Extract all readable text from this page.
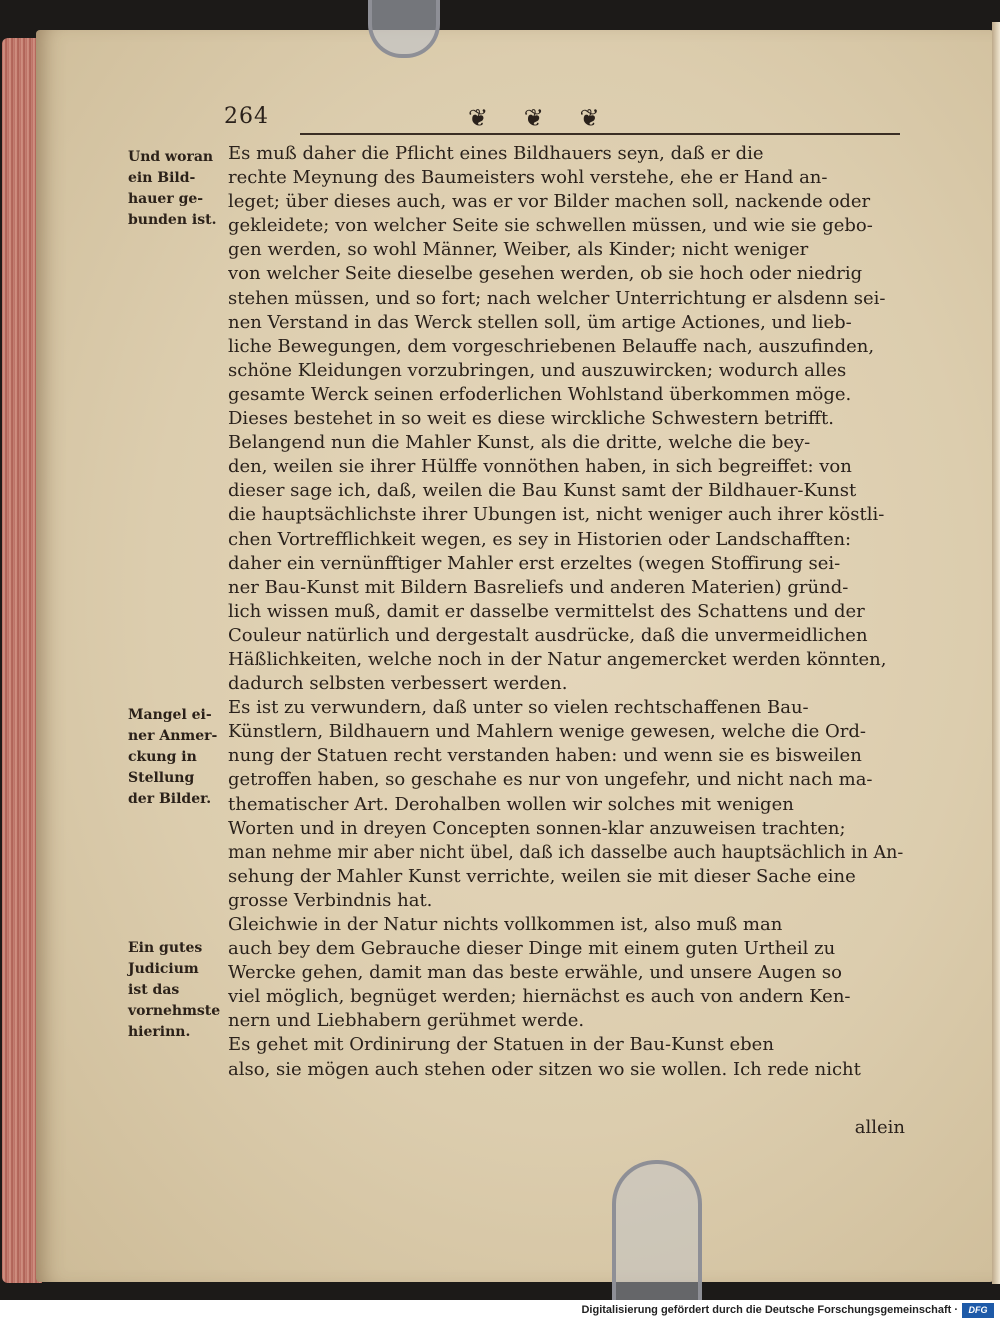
264	❦ ❦ ❦
Und woran
ein Bild-
hauer ge-
bunden ist.
Mangel ei-
ner Anmer-
ckung in
Stellung
der Bilder.
Ein gutes
Judicium
ist das
vornehmste
hierinn.
Es muß daher die Pflicht eines Bildhauers seyn, daß er die
rechte Meynung des Baumeisters wohl verstehe, ehe er Hand an-
leget; über dieses auch, was er vor Bilder machen soll, nackende oder
gekleidete; von welcher Seite sie schwellen müssen, und wie sie gebo-
gen werden, so wohl Männer, Weiber, als Kinder; nicht weniger
von welcher Seite dieselbe gesehen werden, ob sie hoch oder niedrig
stehen müssen, und so fort; nach welcher Unterrichtung er alsdenn sei-
nen Verstand in das Werck stellen soll, üm artige Actiones, und lieb-
liche Bewegungen, dem vorgeschriebenen Belauffe nach, auszufinden,
schöne Kleidungen vorzubringen, und auszuwircken; wodurch alles
gesamte Werck seinen erfoderlichen Wohlstand überkommen möge.
Dieses bestehet in so weit es diese wirckliche Schwestern betrifft.
Belangend nun die Mahler Kunst, als die dritte, welche die bey-
den, weilen sie ihrer Hülffe vonnöthen haben, in sich begreiffet: von
dieser sage ich, daß, weilen die Bau Kunst samt der Bildhauer-Kunst
die hauptsächlichste ihrer Ubungen ist, nicht weniger auch ihrer köstli-
chen Vortrefflichkeit wegen, es sey in Historien oder Landschafften:
daher ein vernünfftiger Mahler erst erzeltes (wegen Stoffirung sei-
ner Bau-Kunst mit Bildern Basreliefs und anderen Materien) gründ-
lich wissen muß, damit er dasselbe vermittelst des Schattens und der
Couleur natürlich und dergestalt ausdrücke, daß die unvermeidlichen
Häßlichkeiten, welche noch in der Natur angemercket werden könnten,
dadurch selbsten verbessert werden.
Es ist zu verwundern, daß unter so vielen rechtschaffenen Bau-
Künstlern, Bildhauern und Mahlern wenige gewesen, welche die Ord-
nung der Statuen recht verstanden haben: und wenn sie es bisweilen
getroffen haben, so geschahe es nur von ungefehr, und nicht nach ma-
thematischer Art. Derohalben wollen wir solches mit wenigen
Worten und in dreyen Concepten sonnen-klar anzuweisen trachten;
man nehme mir aber nicht übel, daß ich dasselbe auch hauptsächlich in An-
sehung der Mahler Kunst verrichte, weilen sie mit dieser Sache eine
grosse Verbindnis hat.
Gleichwie in der Natur nichts vollkommen ist, also muß man
auch bey dem Gebrauche dieser Dinge mit einem guten Urtheil zu
Wercke gehen, damit man das beste erwähle, und unsere Augen so
viel möglich, begnüget werden; hiernächst es auch von andern Ken-
nern und Liebhabern gerühmet werde.
Es gehet mit Ordinirung der Statuen in der Bau-Kunst eben
also, sie mögen auch stehen oder sitzen wo sie wollen. Ich rede nicht
allein
Digitalisierung gefördert durch die Deutsche Forschungsgemeinschaft ·	DFG
